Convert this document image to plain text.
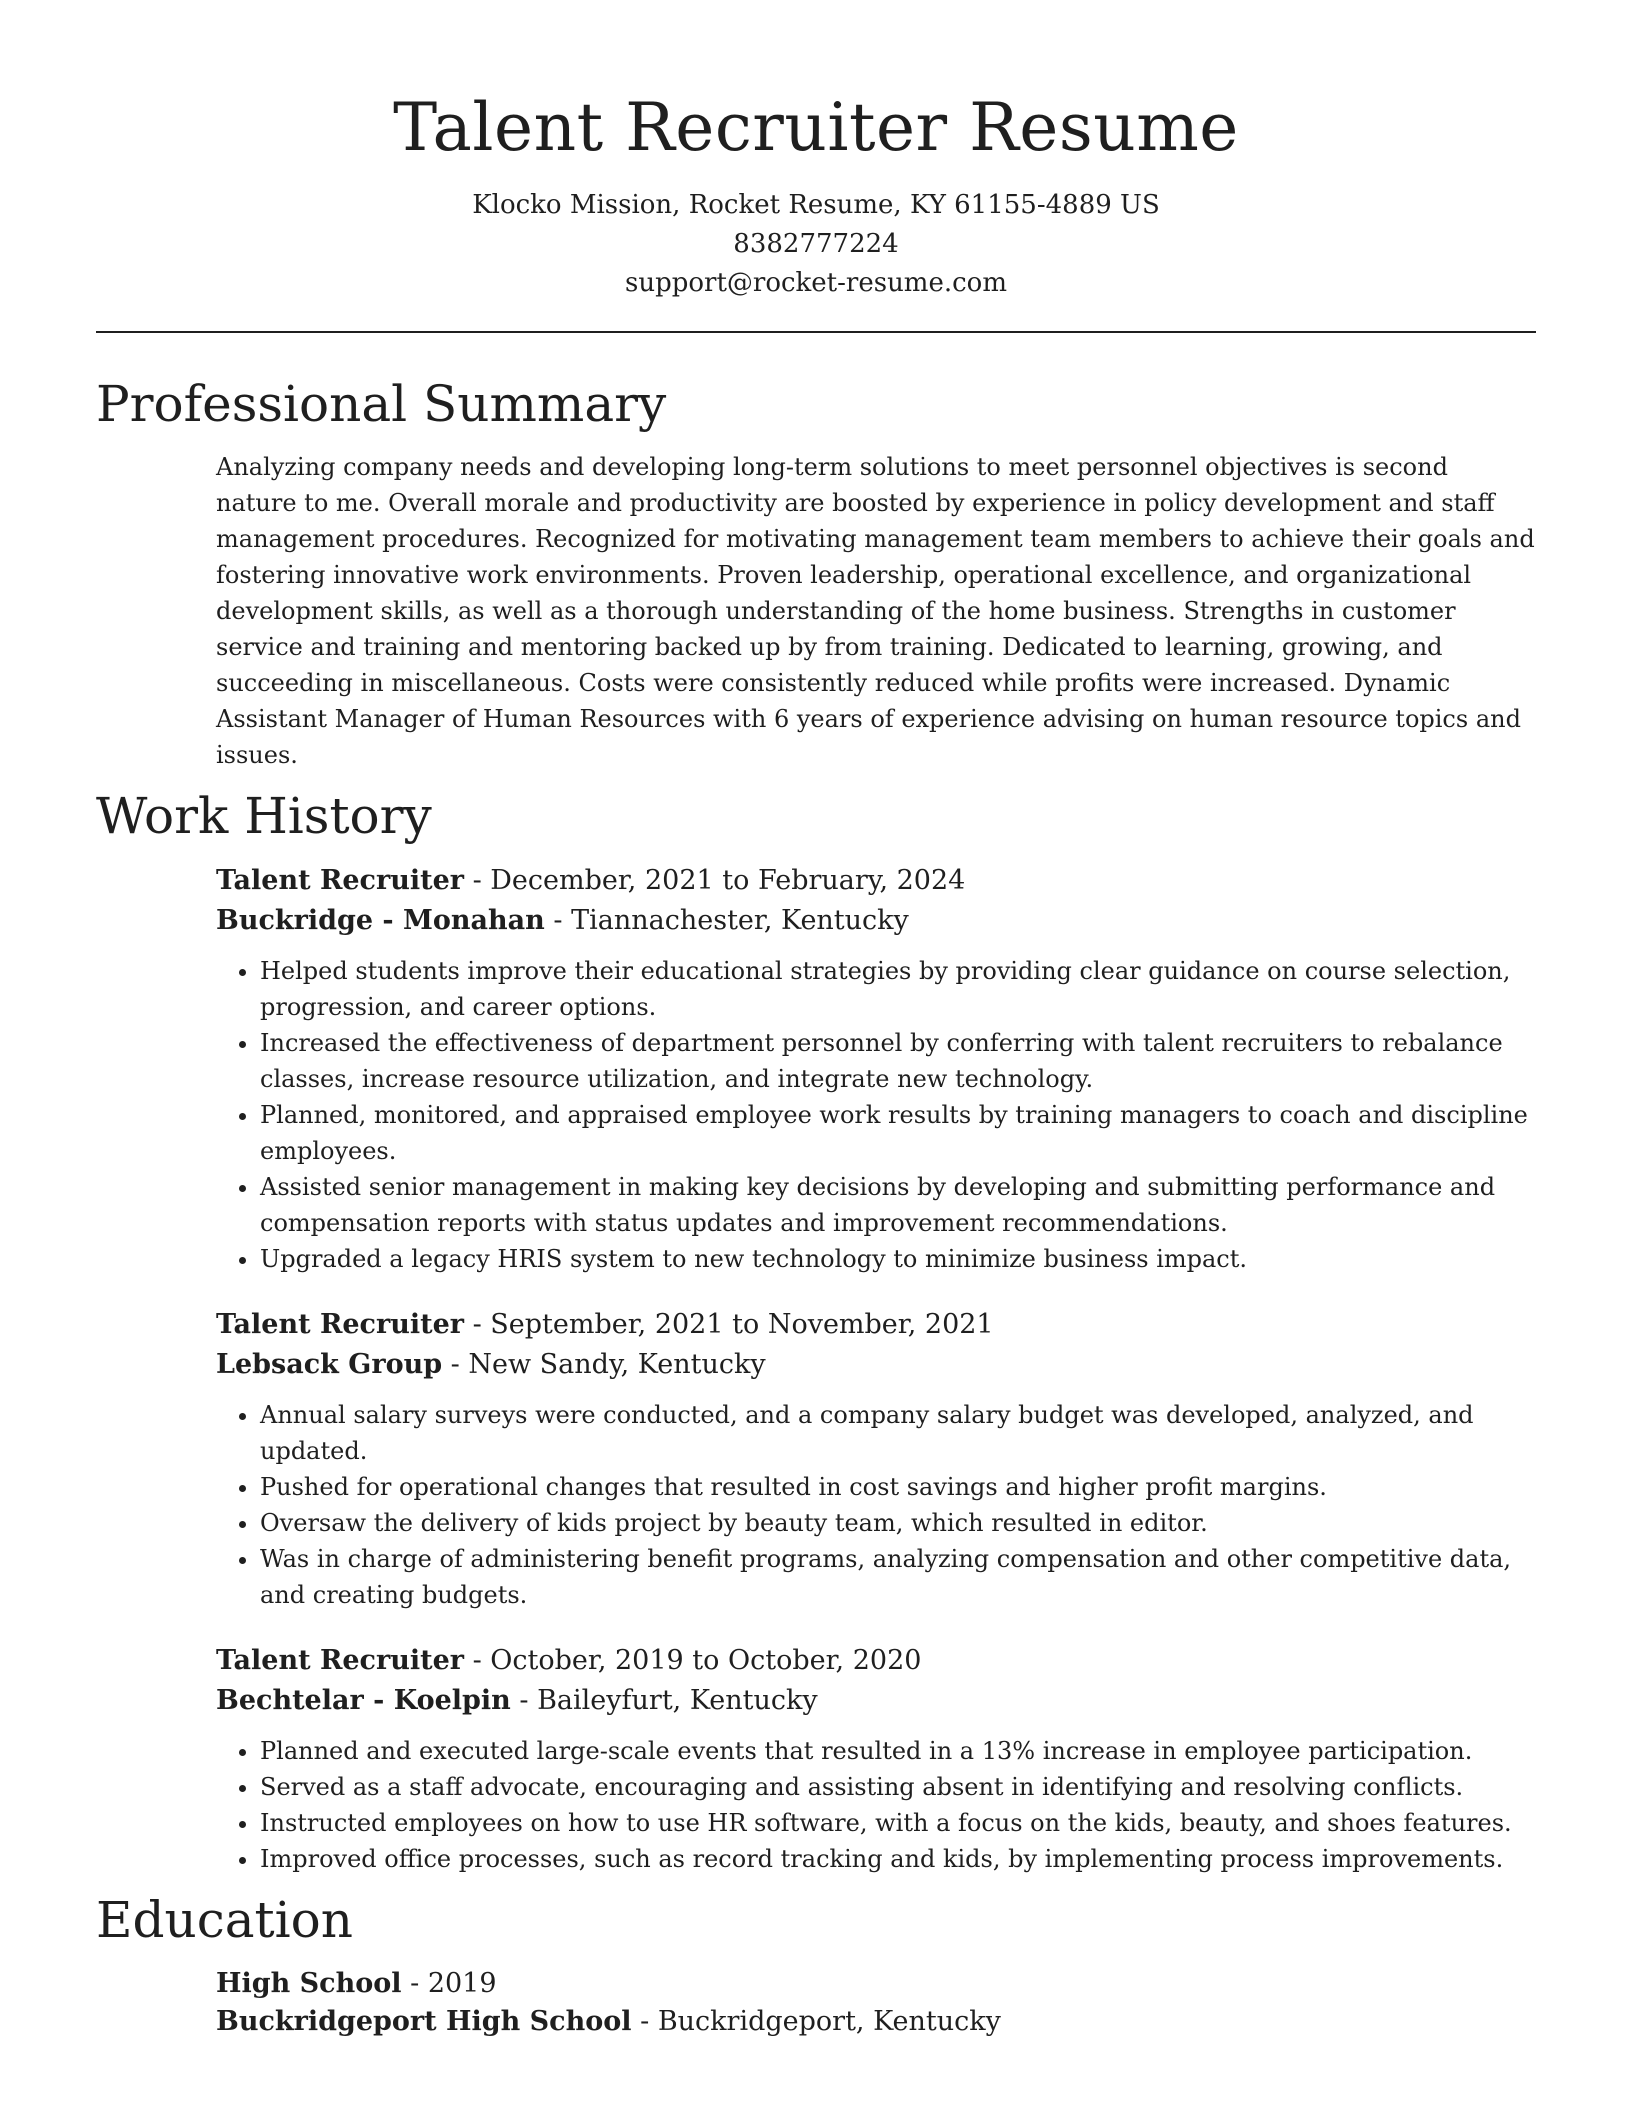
Talent Recruiter Resume
Klocko Mission, Rocket Resume, KY 61155-4889 US
8382777224
support@rocket-resume.com
Professional Summary

Analyzing company needs and developing long-term solutions to meet personnel objectives is second nature to me. Overall morale and productivity are boosted by experience in policy development and staff management procedures. Recognized for motivating management team members to achieve their goals and fostering innovative work environments. Proven leadership, operational excellence, and organizational development skills, as well as a thorough understanding of the home business. Strengths in customer service and training and mentoring backed up by from training. Dedicated to learning, growing, and succeeding in miscellaneous. Costs were consistently reduced while profits were increased. Dynamic Assistant Manager of Human Resources with 6 years of experience advising on human resource topics and issues.

Work History
Talent Recruiter - December, 2021 to February, 2024
Buckridge - Monahan - Tiannachester, Kentucky
• Helped students improve their educational strategies by providing clear guidance on course selection, progression, and career options.
• Increased the effectiveness of department personnel by conferring with talent recruiters to rebalance classes, increase resource utilization, and integrate new technology.
• Planned, monitored, and appraised employee work results by training managers to coach and discipline employees.
• Assisted senior management in making key decisions by developing and submitting performance and compensation reports with status updates and improvement recommendations.
• Upgraded a legacy HRIS system to new technology to minimize business impact.
Talent Recruiter - September, 2021 to November, 2021
Lebsack Group - New Sandy, Kentucky
• Annual salary surveys were conducted, and a company salary budget was developed, analyzed, and updated.
• Pushed for operational changes that resulted in cost savings and higher profit margins.
• Oversaw the delivery of kids project by beauty team, which resulted in editor.
• Was in charge of administering benefit programs, analyzing compensation and other competitive data, and creating budgets.
Talent Recruiter - October, 2019 to October, 2020
Bechtelar - Koelpin - Baileyfurt, Kentucky
• Planned and executed large-scale events that resulted in a 13% increase in employee participation.
• Served as a staff advocate, encouraging and assisting absent in identifying and resolving conflicts.
• Instructed employees on how to use HR software, with a focus on the kids, beauty, and shoes features.
• Improved office processes, such as record tracking and kids, by implementing process improvements.
Education
High School - 2019
Buckridgeport High School - Buckridgeport, Kentucky
